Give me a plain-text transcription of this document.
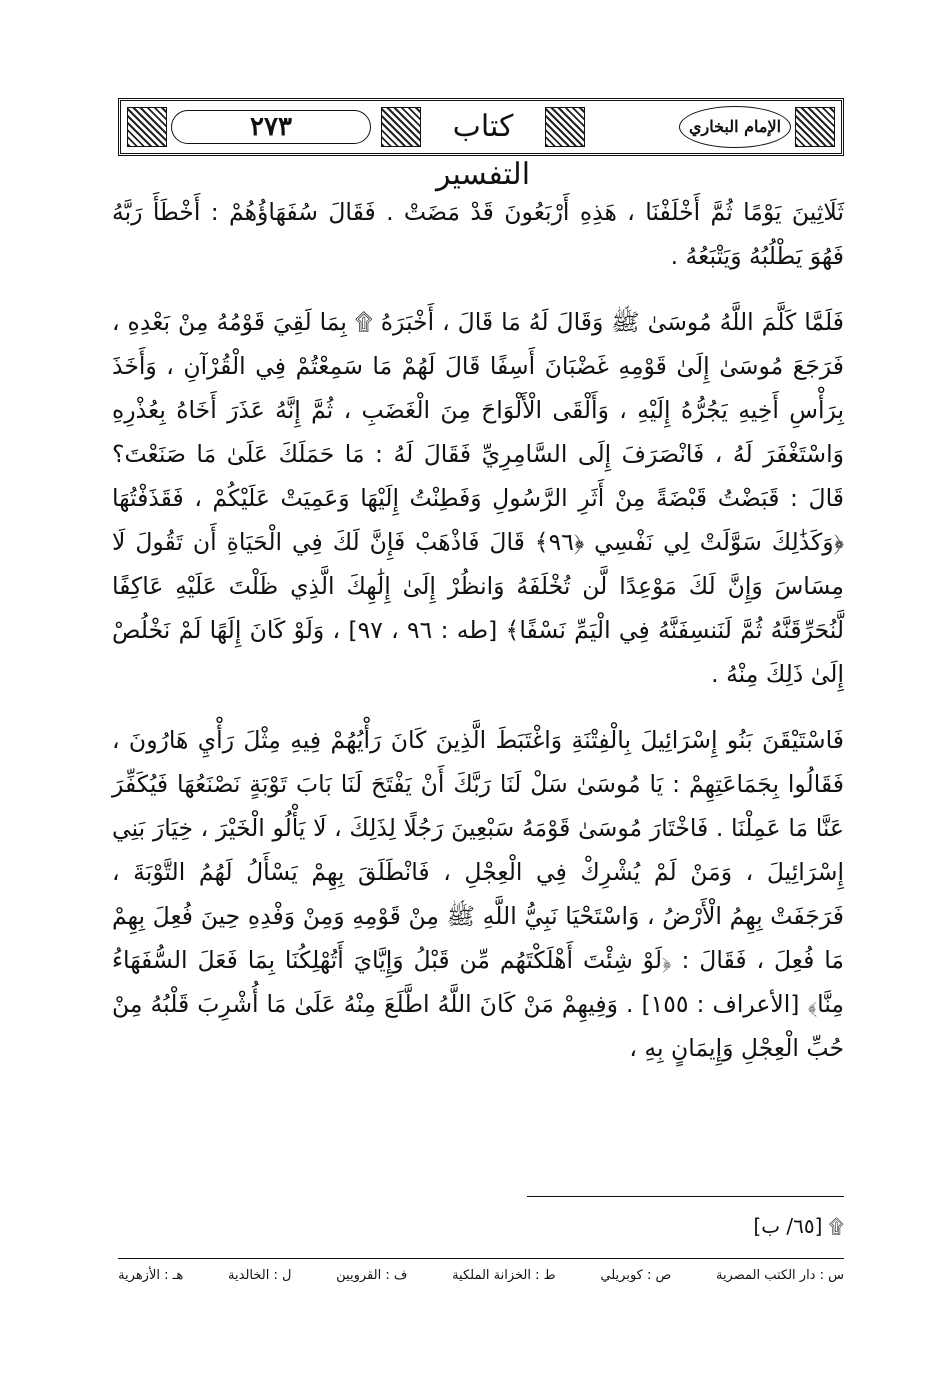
٢٧٣	كتاب التفسير
الإمام البخاري

ثَلَاثِينَ يَوْمًا ثُمَّ أَخْلَفْنَا ، هَذِهِ أَرْبَعُونَ قَدْ مَضَتْ . فَقَالَ سُفَهَاؤُهُمْ : أَخْطَأَ رَبَّهُ فَهُوَ يَطْلُبُهُ وَيَتْبَعُهُ .

فَلَمَّا كَلَّمَ اللَّهُ مُوسَىٰ ﷺ وَقَالَ لَهُ مَا قَالَ ، أَخْبَرَهُ ۩ بِمَا لَقِيَ قَوْمُهُ مِنْ بَعْدِهِ ، فَرَجَعَ مُوسَىٰ إِلَىٰ قَوْمِهِ غَضْبَانَ أَسِفًا قَالَ لَهُمْ مَا سَمِعْتُمْ فِي الْقُرْآنِ ، وَأَخَذَ بِرَأْسِ أَخِيهِ يَجُرُّهُ إِلَيْهِ ، وَأَلْقَى الْأَلْوَاحَ مِنَ الْغَضَبِ ، ثُمَّ إِنَّهُ عَذَرَ أَخَاهُ بِعُذْرِهِ وَاسْتَغْفَرَ لَهُ ، فَانْصَرَفَ إِلَى السَّامِرِيِّ فَقَالَ لَهُ : مَا حَمَلَكَ عَلَىٰ مَا صَنَعْتَ؟ قَالَ : قَبَضْتُ قَبْضَةً مِنْ أَثَرِ الرَّسُولِ وَفَطِنْتُ إِلَيْهَا وَعَمِيَتْ عَلَيْكُمْ ، فَقَذَفْتُهَا ﴿وَكَذَٰلِكَ سَوَّلَتْ لِي نَفْسِي ﴿٩٦﴾ قَالَ فَاذْهَبْ فَإِنَّ لَكَ فِي الْحَيَاةِ أَن تَقُولَ لَا مِسَاسَ وَإِنَّ لَكَ مَوْعِدًا لَّن تُخْلَفَهُ وَانظُرْ إِلَىٰ إِلَٰهِكَ الَّذِي ظَلْتَ عَلَيْهِ عَاكِفًا لَّنُحَرِّقَنَّهُ ثُمَّ لَنَنسِفَنَّهُ فِي الْيَمِّ نَسْفًا﴾ [طه : ٩٦ ، ٩٧] ، وَلَوْ كَانَ إِلَهًا لَمْ نَخْلُصْ إِلَىٰ ذَلِكَ مِنْهُ .

فَاسْتَيْقَنَ بَنُو إِسْرَائِيلَ بِالْفِتْنَةِ وَاغْتَبَطَ الَّذِينَ كَانَ رَأْيُهُمْ فِيهِ مِثْلَ رَأْيِ هَارُونَ ، فَقَالُوا بِجَمَاعَتِهِمْ : يَا مُوسَىٰ سَلْ لَنَا رَبَّكَ أَنْ يَفْتَحَ لَنَا بَابَ تَوْبَةٍ نَصْنَعُهَا فَيُكَفِّرَ عَنَّا مَا عَمِلْنَا . فَاخْتَارَ مُوسَىٰ قَوْمَهُ سَبْعِينَ رَجُلًا لِذَلِكَ ، لَا يَأْلُو الْخَيْرَ ، خِيَارَ بَنِي إِسْرَائِيلَ ، وَمَنْ لَمْ يُشْرِكْ فِي الْعِجْلِ ، فَانْطَلَقَ بِهِمْ يَسْأَلُ لَهُمُ التَّوْبَةَ ، فَرَجَفَتْ بِهِمُ الْأَرْضُ ، وَاسْتَحْيَا نَبِيُّ اللَّهِ ﷺ مِنْ قَوْمِهِ وَمِنْ وَفْدِهِ حِينَ فُعِلَ بِهِمْ مَا فُعِلَ ، فَقَالَ : ﴿لَوْ شِئْتَ أَهْلَكْتَهُم مِّن قَبْلُ وَإِيَّايَ أَتُهْلِكُنَا بِمَا فَعَلَ السُّفَهَاءُ مِنَّا﴾ [الأعراف : ١٥٥] . وَفِيهِمْ مَنْ كَانَ اللَّهُ اطَّلَعَ مِنْهُ عَلَىٰ مَا أُشْرِبَ قَلْبُهُ مِنْ حُبِّ الْعِجْلِ وَإِيمَانٍ بِهِ ،

۩ [٦٥/ ب]
س : دار الكتب المصرية
ص : كوبريلي
ط : الخزانة الملكية
ف : القرويين
ل : الخالدية
هـ : الأزهرية
